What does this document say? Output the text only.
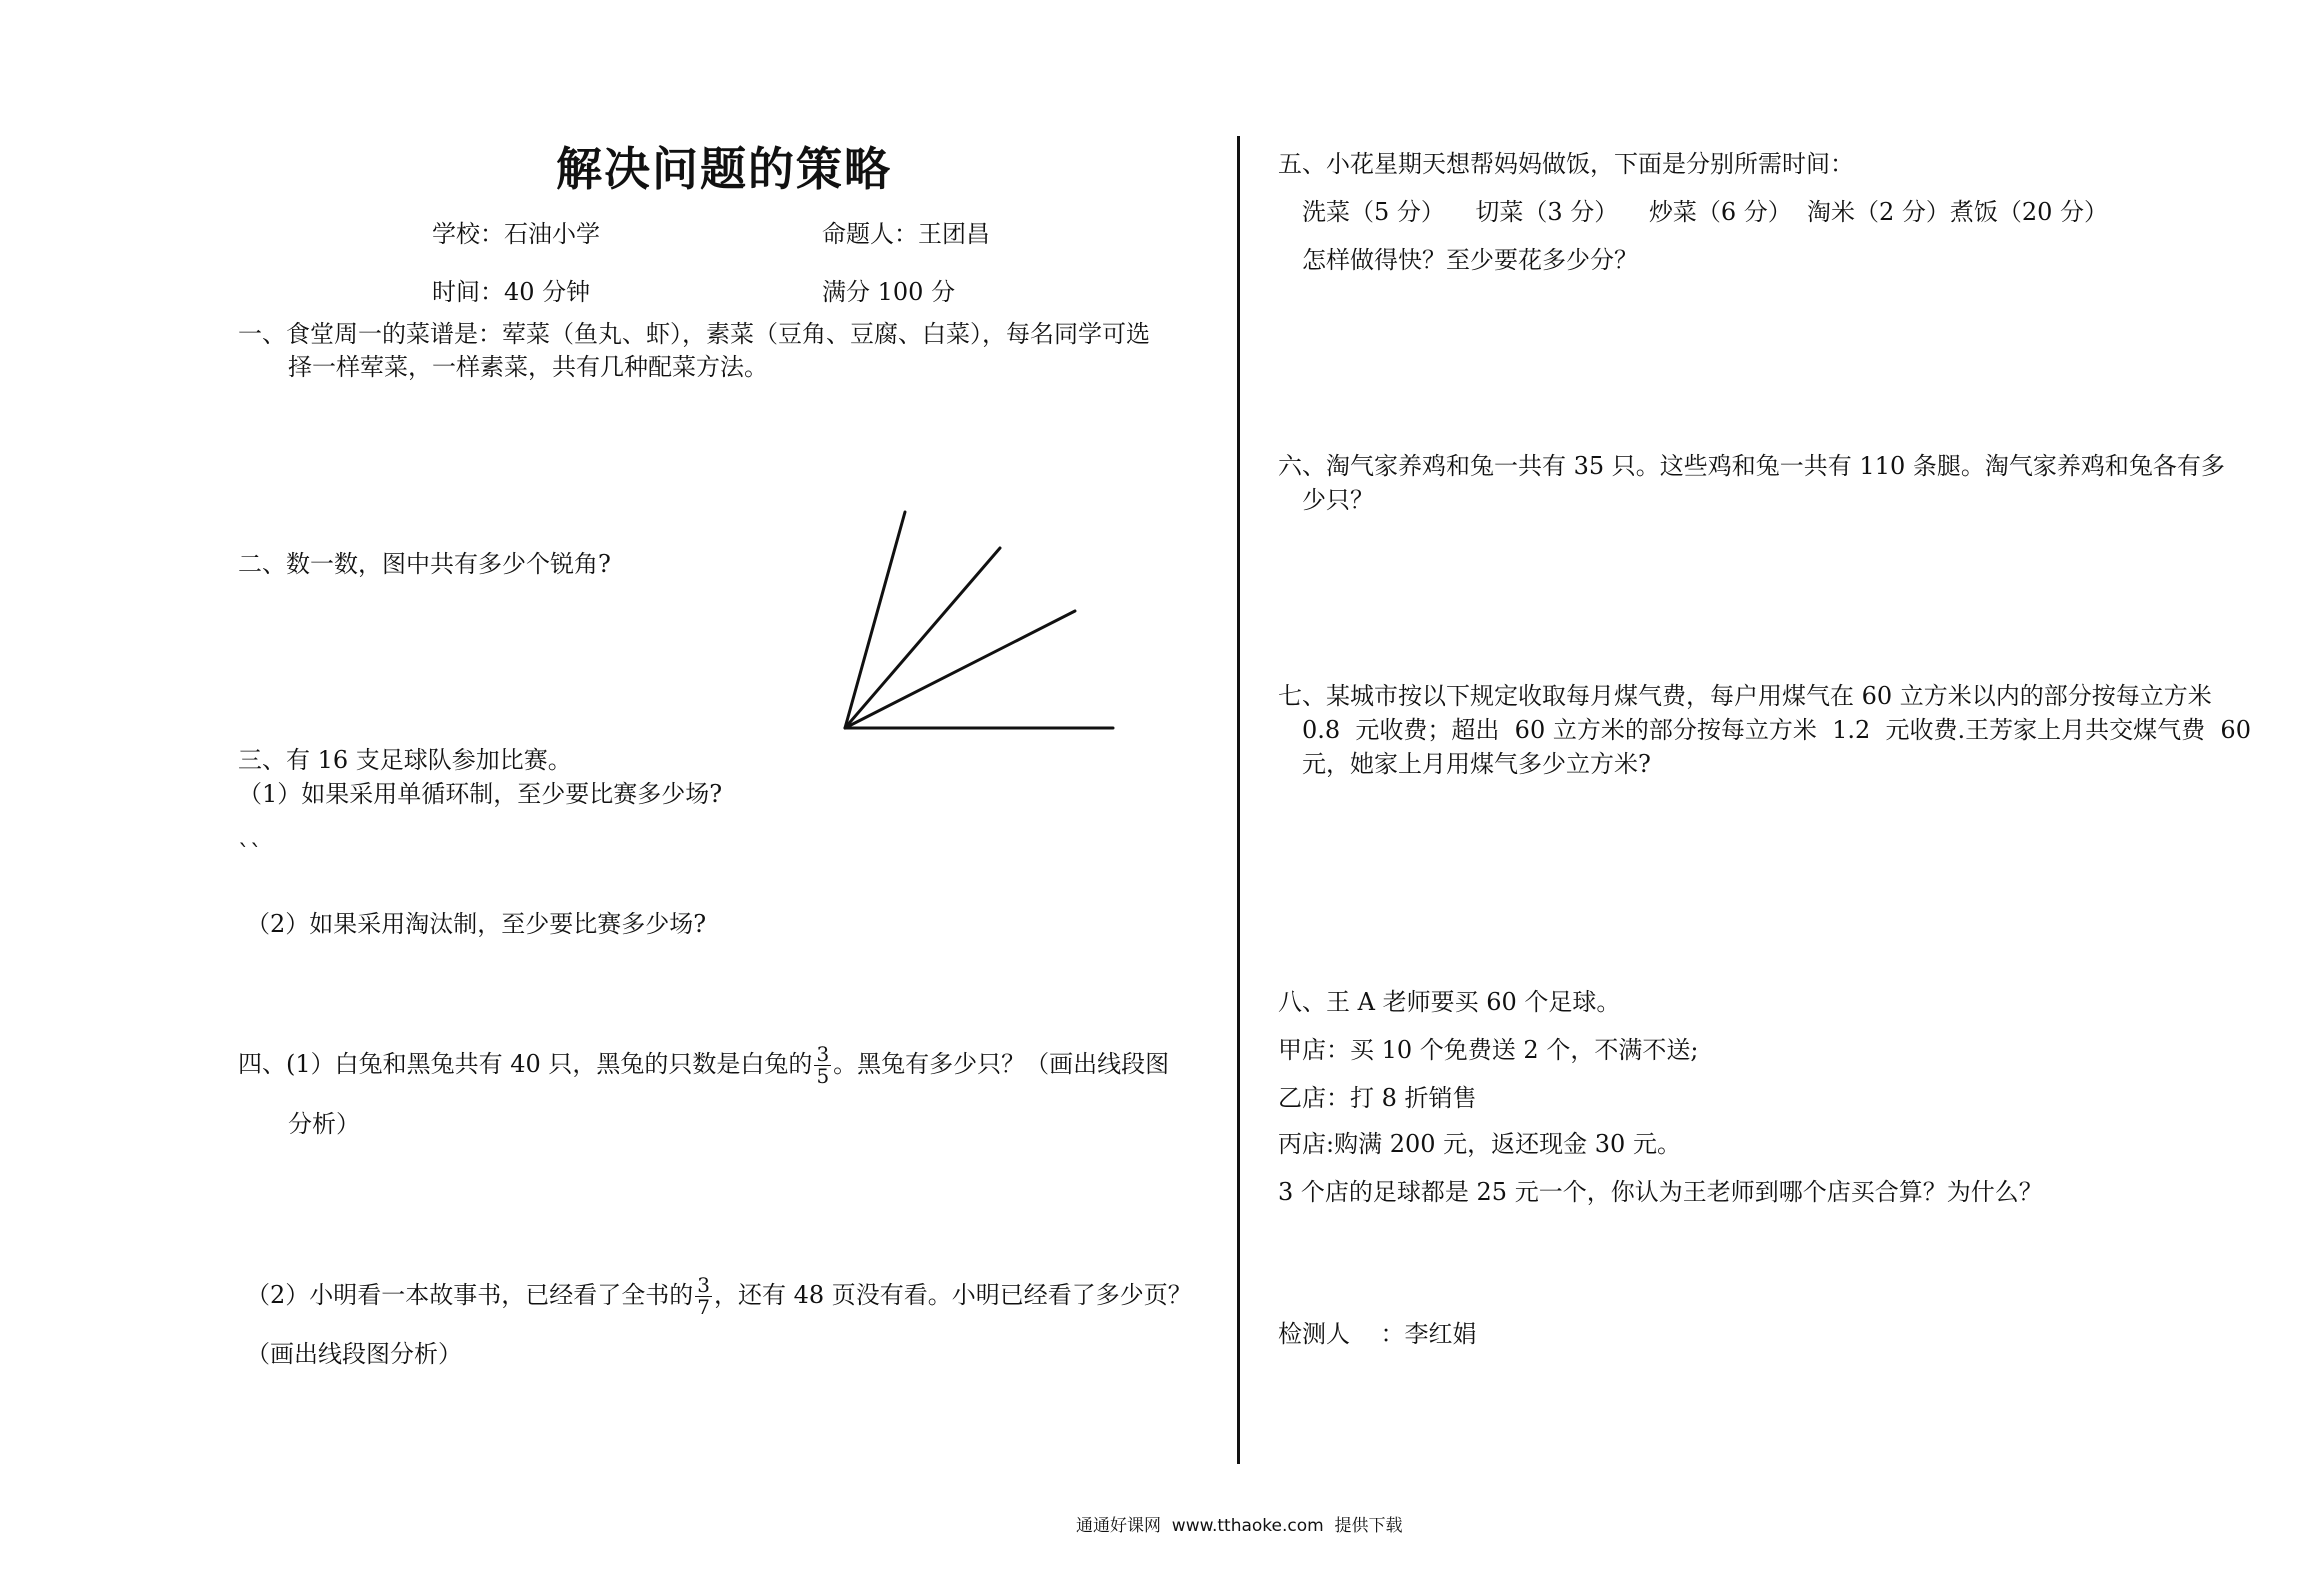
解决问题的策略
学校：石油小学	命题人：王团昌
时间：40 分钟	满分 100 分
一、食堂周一的菜谱是：荤菜（鱼丸、虾），素菜（豆角、豆腐、白菜），每名同学可选
择一样荤菜，一样素菜，共有几种配菜方法。
二、数一数，图中共有多少个锐角?
三、有 16 支足球队参加比赛。
（1）如果采用单循环制，至少要比赛多少场?
``
（2）如果采用淘汰制，至少要比赛多少场?
四、(1）白兔和黑兔共有 40 只，黑兔的只数是白兔的 $\frac{3}{5}$ 。黑兔有多少只？（画出线段图
分析）
（2）小明看一本故事书，已经看了全书的 $\frac{3}{7}$ ，还有 48 页没有看。小明已经看了多少页？
（画出线段图分析）
五、小花星期天想帮妈妈做饭，下面是分别所需时间：
洗菜（5 分）    切菜（3 分）    炒菜（6 分）  淘米（2 分）煮饭（20 分）
怎样做得快？至少要花多少分？
六、淘气家养鸡和兔一共有 35 只。这些鸡和兔一共有 110 条腿。淘气家养鸡和兔各有多
少只？
七、某城市按以下规定收取每月煤气费，每户用煤气在 60 立方米以内的部分按每立方米
0.8  元收费；超出  60 立方米的部分按每立方米  1.2  元收费.王芳家上月共交煤气费  60
元，她家上月用煤气多少立方米?
八、王 A 老师要买 60 个足球。
甲店：买 10 个免费送 2 个，不满不送;
乙店：打 8 折销售
丙店:购满 200 元，返还现金 30 元。
3 个店的足球都是 25 元一个，你认为王老师到哪个店买合算？为什么？
检测人    ：李红娟
通通好课网  www.tthaoke.com  提供下载
